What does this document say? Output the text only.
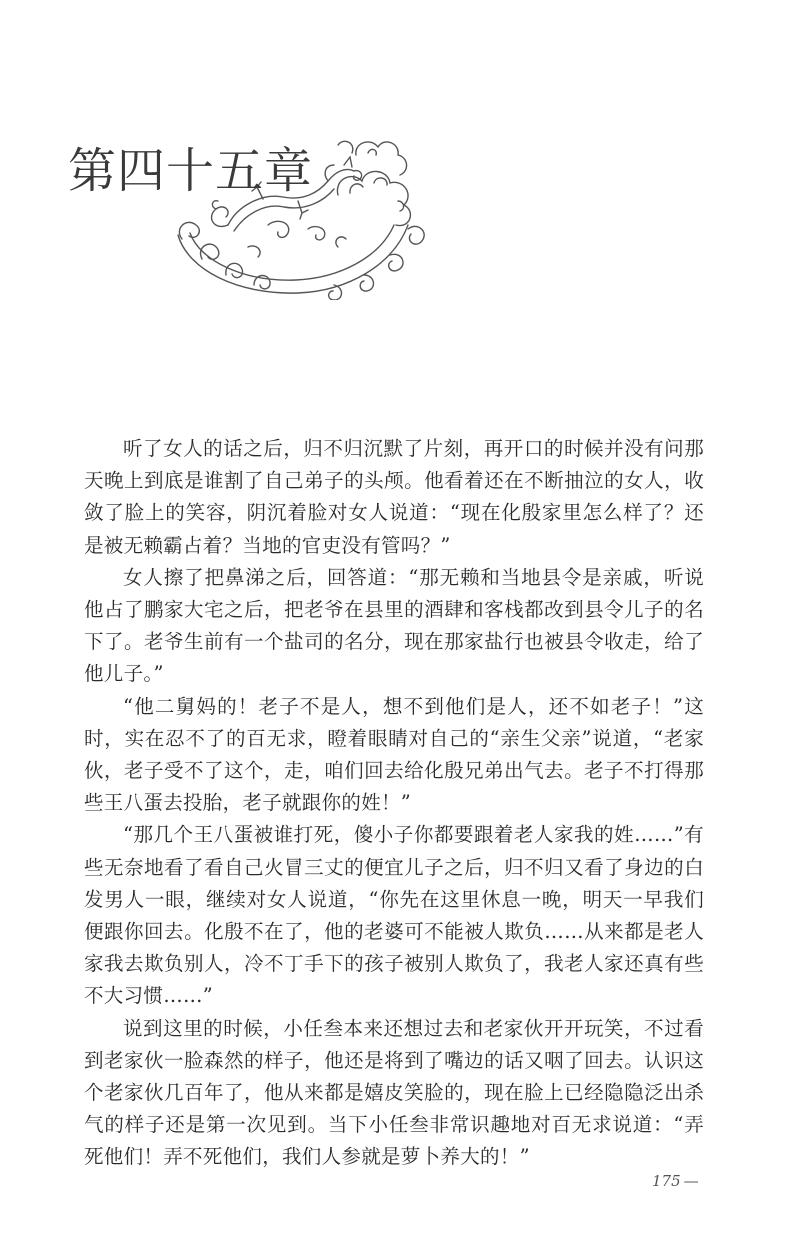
第四十五章

听了女人的话之后，归不归沉默了片刻，再开口的时候并没有问那天晚上到底是谁割了自己弟子的头颅。他看着还在不断抽泣的女人，收敛了脸上的笑容，阴沉着脸对女人说道：“现在化殷家里怎么样了？还是被无赖霸占着？当地的官吏没有管吗？”

女人擦了把鼻涕之后，回答道：“那无赖和当地县令是亲戚，听说他占了鹏家大宅之后，把老爷在县里的酒肆和客栈都改到县令儿子的名下了。老爷生前有一个盐司的名分，现在那家盐行也被县令收走，给了他儿子。”

“他二舅妈的！老子不是人，想不到他们是人，还不如老子！”这时，实在忍不了的百无求，瞪着眼睛对自己的“亲生父亲”说道，“老家伙，老子受不了这个，走，咱们回去给化殷兄弟出气去。老子不打得那些王八蛋去投胎，老子就跟你的姓！”

“那几个王八蛋被谁打死，傻小子你都要跟着老人家我的姓……”有些无奈地看了看自己火冒三丈的便宜儿子之后，归不归又看了身边的白发男人一眼，继续对女人说道，“你先在这里休息一晚，明天一早我们便跟你回去。化殷不在了，他的老婆可不能被人欺负……从来都是老人家我去欺负别人，冷不丁手下的孩子被别人欺负了，我老人家还真有些不大习惯……”

说到这里的时候，小任叁本来还想过去和老家伙开开玩笑，不过看到老家伙一脸森然的样子，他还是将到了嘴边的话又咽了回去。认识这个老家伙几百年了，他从来都是嬉皮笑脸的，现在脸上已经隐隐泛出杀气的样子还是第一次见到。当下小任叁非常识趣地对百无求说道：“弄死他们！弄不死他们，我们人参就是萝卜养大的！”

175 —
